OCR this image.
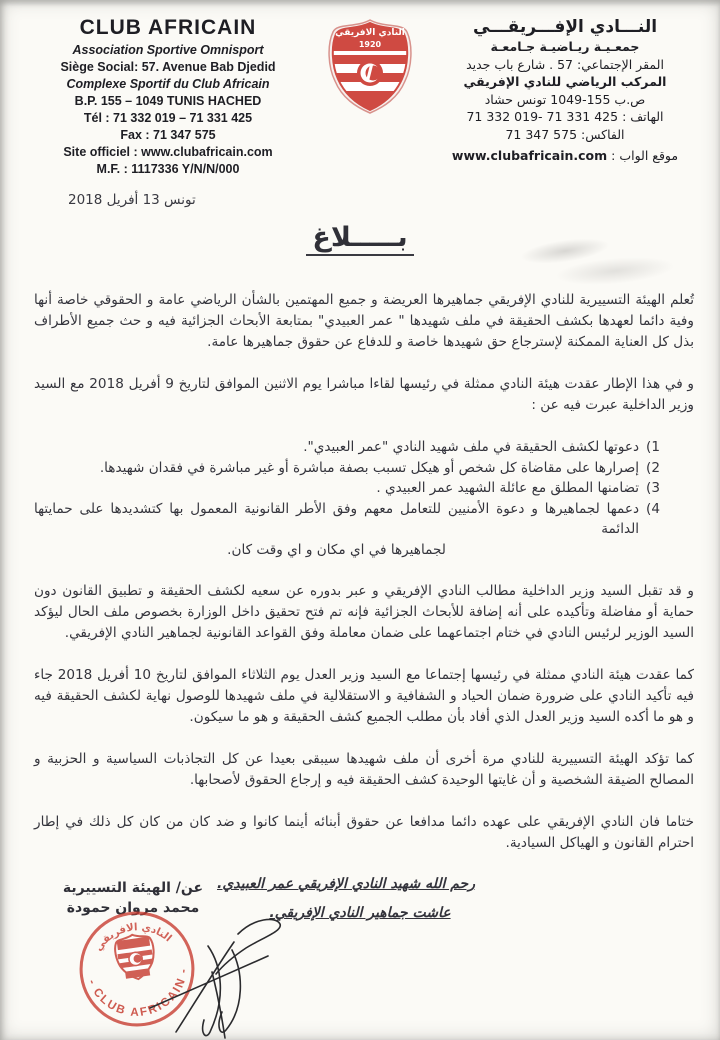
CLUB AFRICAIN
Association Sportive Omnisport
Siège Social: 57. Avenue Bab Djedid
Complexe Sportif du Club Africain
B.P. 155 – 1049 TUNIS HACHED
Tél : 71 332 019 – 71 331 425
Fax : 71 347 575
Site officiel : www.clubafricain.com
M.F. : 1117336 Y/N/N/000
النادي الافريقي
1920
النـــادي الإفـــريقـــي
جمعـيـة ريـاضيـة جـامعـة
المقر الإجتماعي: 57 . شارع باب جديد
المركب الرياضي للنادي الإفريقي
ص.ب 155-1049 تونس حشاد
الهاتف : 71 332 019- 71 331 425
الفاكس: 71 347 575
موقع الواب : www.clubafricain.com
تونس 13 أفريل 2018
بـــــلاغ

تُعلم الهيئة التسييرية للنادي الإفريقي جماهيرها العريضة و جميع المهتمين بالشأن الرياضي عامة و الحقوقي خاصة أنها وفية دائما لعهدها بكشف الحقيقة في ملف شهيدها " عمر العبيدي" بمتابعة الأبحاث الجزائية فيه و حث جميع الأطراف بذل كل العناية الممكنة لإسترجاع حق شهيدها خاصة و للدفاع عن حقوق جماهيرها عامة.

و في هذا الإطار عقدت هيئة النادي ممثلة في رئيسها لقاءا مباشرا يوم الاثنين الموافق لتاريخ 9 أفريل 2018 مع السيد وزير الداخلية عبرت فيه عن :

1)
دعوتها لكشف الحقيقة في ملف شهيد النادي "عمر العبيدي".
2)
إصرارها على مقاضاة كل شخص أو هيكل تسبب بصفة مباشرة أو غير مباشرة في فقدان شهيدها.
3)
تضامنها المطلق مع عائلة الشهيد عمر العبيدي .
4)
دعمها لجماهيرها و دعوة الأمنيين للتعامل معهم وفق الأطر القانونية المعمول بها كتشديدها على حمايتها الدائمة
لجماهيرها في اي مكان و اي وقت كان.

و قد تقبل السيد وزير الداخلية مطالب النادي الإفريقي و عبر بدوره عن سعيه لكشف الحقيقة و تطبيق القانون دون حماية أو مفاضلة وتأكيده على أنه إضافة للأبحاث الجزائية فإنه تم فتح تحقيق داخل الوزارة بخصوص ملف الحال ليؤكد السيد الوزير لرئيس النادي في ختام اجتماعهما على ضمان معاملة وفق القواعد القانونية لجماهير النادي الإفريقي.

كما عقدت هيئة النادي ممثلة في رئيسها إجتماعا مع السيد وزير العدل يوم الثلاثاء الموافق لتاريخ 10 أفريل 2018 جاء فيه تأكيد النادي على ضرورة ضمان الحياد و الشفافية و الاستقلالية في ملف شهيدها للوصول نهاية لكشف الحقيقة فيه و هو ما أكده السيد وزير العدل الذي أفاد بأن مطلب الجميع كشف الحقيقة و هو ما سيكون.

كما تؤكد الهيئة التسييرية للنادي مرة أخرى أن ملف شهيدها سيبقى بعيدا عن كل التجاذبات السياسية و الحزبية و المصالح الضيقة الشخصية و أن غايتها الوحيدة كشف الحقيقة فيه و إرجاع الحقوق لأصحابها.

ختاما فان النادي الإفريقي على عهده دائما مدافعا عن حقوق أبنائه أينما كانوا و ضد كان من كان كل ذلك في إطار احترام القانون و الهياكل السيادية.

رحم الله شهيد النادي الإفريقي عمر العبيدي.
عاشت جماهير النادي الإفريقي.
عن/ الهيئة التسييرية
محمد مروان حمودة
النادي الافريقي
- CLUB AFRICAIN -
